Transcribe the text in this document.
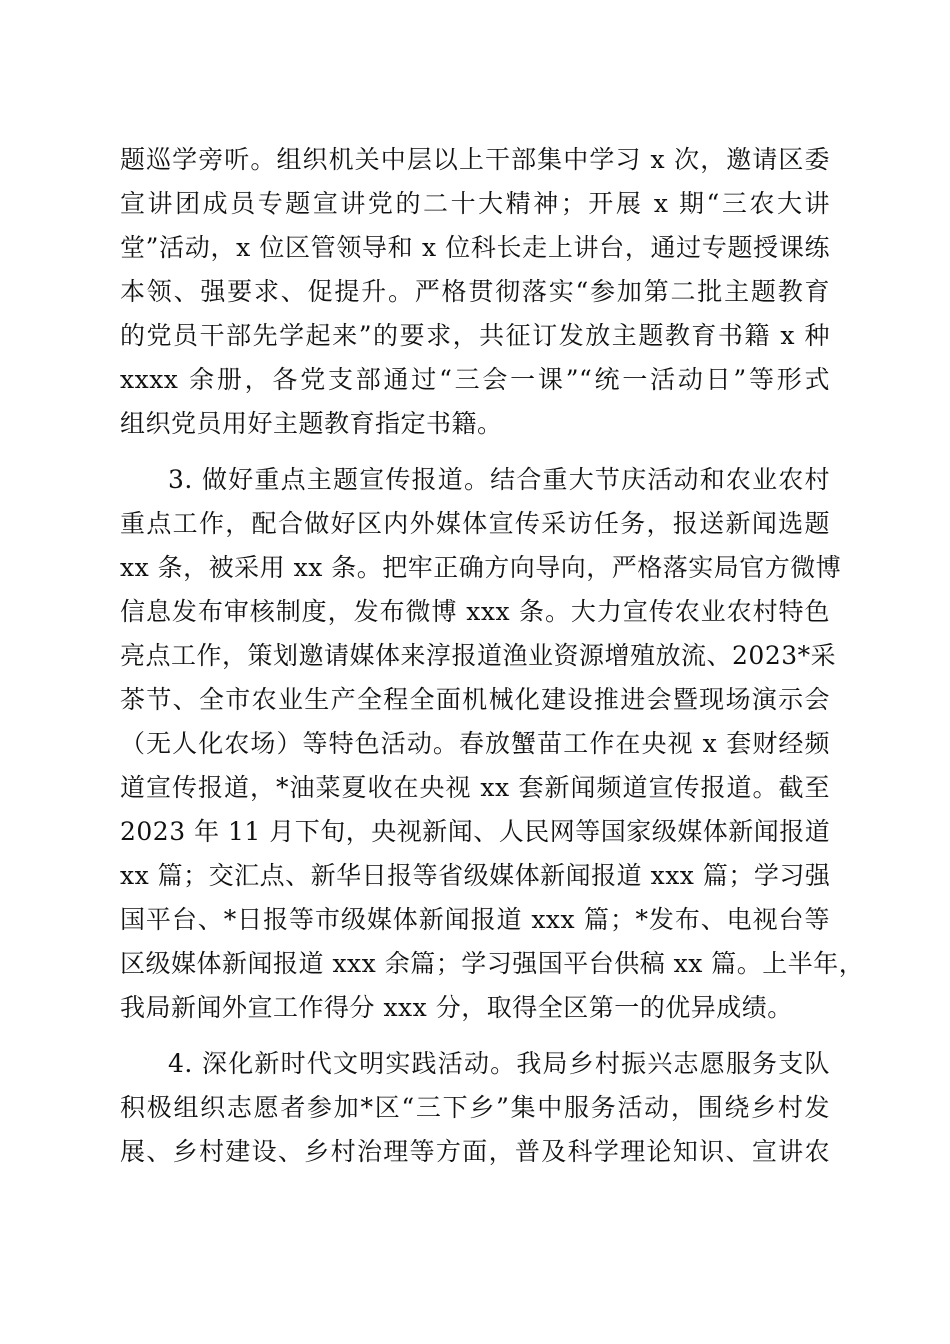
题巡学旁听。组织机关中层以上干部集中学习 x 次，邀请区委
宣讲团成员专题宣讲党的二十大精神；开展 x 期“三农大讲
堂”活动，x 位区管领导和 x 位科长走上讲台，通过专题授课练
本领、强要求、促提升。严格贯彻落实“参加第二批主题教育
的党员干部先学起来”的要求，共征订发放主题教育书籍 x 种
xxxx 余册，各党支部通过“三会一课”“统一活动日”等形式
组织党员用好主题教育指定书籍。
3. 做好重点主题宣传报道。结合重大节庆活动和农业农村
重点工作，配合做好区内外媒体宣传采访任务，报送新闻选题
xx 条，被采用 xx 条。把牢正确方向导向，严格落实局官方微博
信息发布审核制度，发布微博 xxx 条。大力宣传农业农村特色
亮点工作，策划邀请媒体来淳报道渔业资源增殖放流、2023*采
茶节、全市农业生产全程全面机械化建设推进会暨现场演示会
（无人化农场）等特色活动。春放蟹苗工作在央视 x 套财经频
道宣传报道，*油菜夏收在央视 xx 套新闻频道宣传报道。截至
2023 年 11 月下旬，央视新闻、人民网等国家级媒体新闻报道
xx 篇；交汇点、新华日报等省级媒体新闻报道 xxx 篇；学习强
国平台、*日报等市级媒体新闻报道 xxx 篇；*发布、电视台等
区级媒体新闻报道 xxx 余篇；学习强国平台供稿 xx 篇。上半年，
我局新闻外宣工作得分 xxx 分，取得全区第一的优异成绩。
4. 深化新时代文明实践活动。我局乡村振兴志愿服务支队
积极组织志愿者参加*区“三下乡”集中服务活动，围绕乡村发
展、乡村建设、乡村治理等方面，普及科学理论知识、宣讲农
